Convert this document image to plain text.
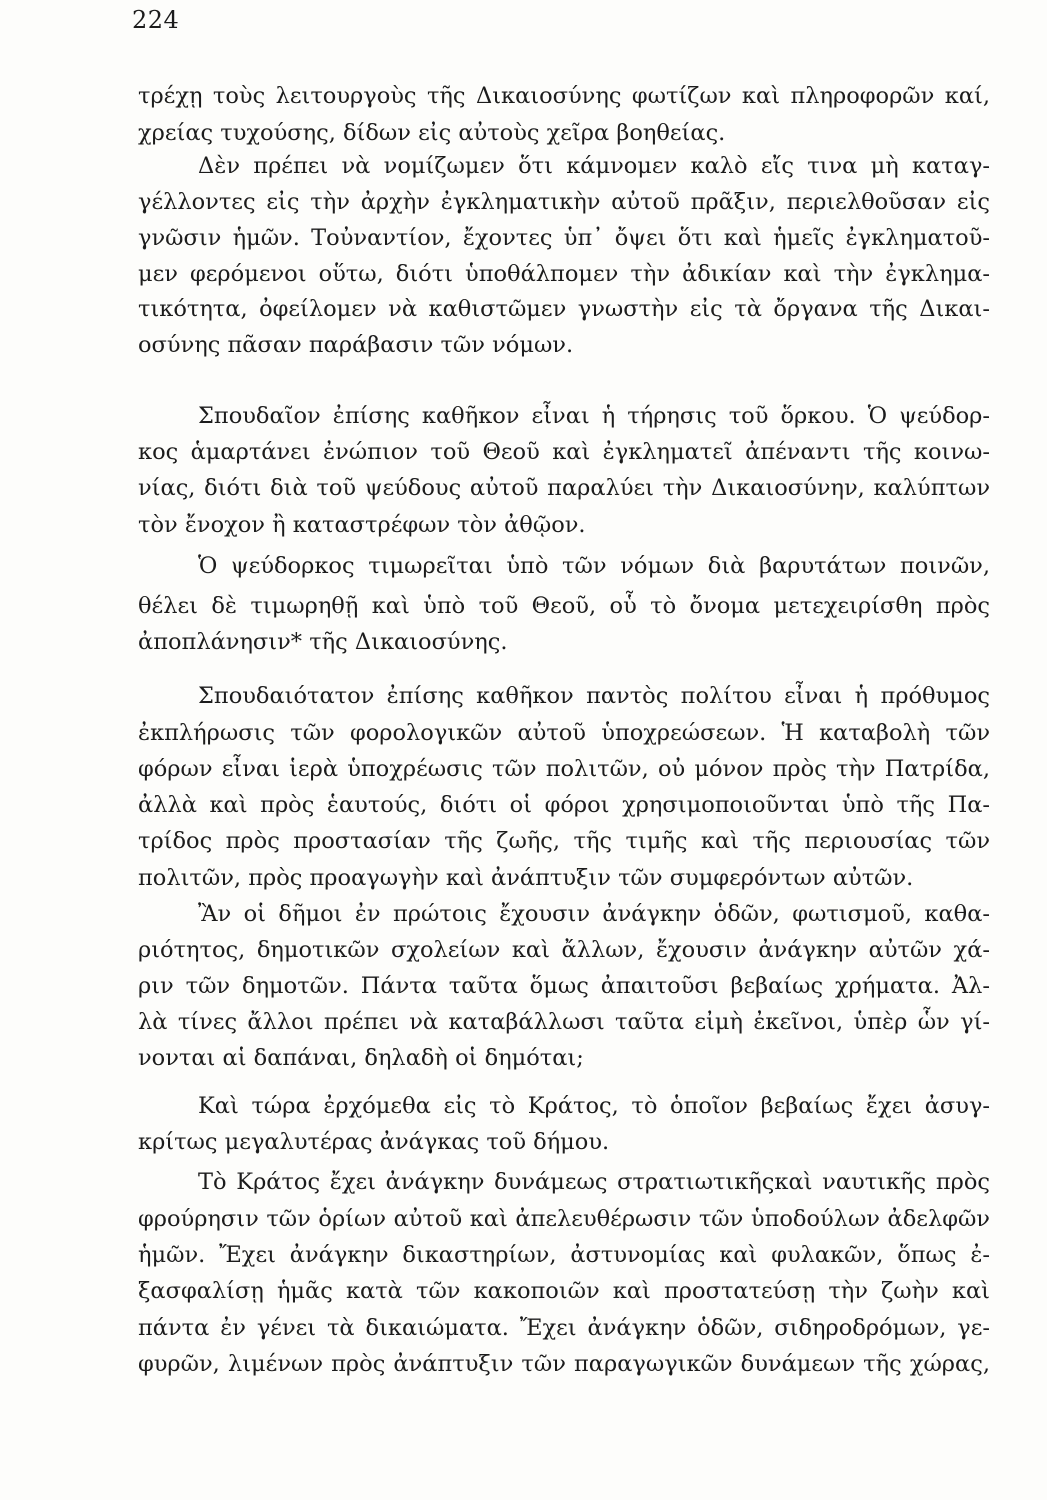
224
τρέχῃ τοὺς λειτουργοὺς τῆς Δικαιοσύνης φωτίζων καὶ πληροφορῶν καί,
χρείας τυχούσης, δίδων εἰς αὐτοὺς χεῖρα βοηθείας.
Δὲν πρέπει νὰ νομίζωμεν ὅτι κάμνομεν καλὸ εἴς τινα μὴ καταγ-
γέλλοντες εἰς τὴν ἀρχὴν ἐγκληματικὴν αὐτοῦ πρᾶξιν, περιελθοῦσαν εἰς
γνῶσιν ἡμῶν. Τοὐναντίον, ἔχοντες ὑπ᾽ ὄψει ὅτι καὶ ἡμεῖς ἐγκληματοῦ-
μεν φερόμενοι οὕτω, διότι ὑποθάλπομεν τὴν ἀδικίαν καὶ τὴν ἐγκλημα-
τικότητα, ὀφείλομεν νὰ καθιστῶμεν γνωστὴν εἰς τὰ ὄργανα τῆς Δικαι-
οσύνης πᾶσαν παράβασιν τῶν νόμων.
Σπουδαῖον ἐπίσης καθῆκον εἶναι ἡ τήρησις τοῦ ὅρκου. Ὁ ψεύδορ-
κος ἁμαρτάνει ἐνώπιον τοῦ Θεοῦ καὶ ἐγκληματεῖ ἀπέναντι τῆς κοινω-
νίας, διότι διὰ τοῦ ψεύδους αὐτοῦ παραλύει τὴν Δικαιοσύνην, καλύπτων
τὸν ἔνοχον ἢ καταστρέφων τὸν ἀθῷον.
Ὁ ψεύδορκος τιμωρεῖται ὑπὸ τῶν νόμων διὰ βαρυτάτων ποινῶν,
θέλει δὲ τιμωρηθῇ καὶ ὑπὸ τοῦ Θεοῦ, οὗ τὸ ὄνομα μετεχειρίσθη πρὸς
ἀποπλάνησιν* τῆς Δικαιοσύνης.
Σπουδαιότατον ἐπίσης καθῆκον παντὸς πολίτου εἶναι ἡ πρόθυμος
ἐκπλήρωσις τῶν φορολογικῶν αὐτοῦ ὑποχρεώσεων. Ἡ καταβολὴ τῶν
φόρων εἶναι ἱερὰ ὑποχρέωσις τῶν πολιτῶν, οὐ μόνον πρὸς τὴν Πατρίδα,
ἀλλὰ καὶ πρὸς ἑαυτούς, διότι οἱ φόροι χρησιμοποιοῦνται ὑπὸ τῆς Πα-
τρίδος πρὸς προστασίαν τῆς ζωῆς, τῆς τιμῆς καὶ τῆς περιουσίας τῶν
πολιτῶν, πρὸς προαγωγὴν καὶ ἀνάπτυξιν τῶν συμφερόντων αὐτῶν.
Ἂν οἱ δῆμοι ἐν πρώτοις ἔχουσιν ἀνάγκην ὁδῶν, φωτισμοῦ, καθα-
ριότητος, δημοτικῶν σχολείων καὶ ἄλλων, ἔχουσιν ἀνάγκην αὐτῶν χά-
ριν τῶν δημοτῶν. Πάντα ταῦτα ὅμως ἀπαιτοῦσι βεβαίως χρήματα. Ἀλ-
λὰ τίνες ἄλλοι πρέπει νὰ καταβάλλωσι ταῦτα εἰμὴ ἐκεῖνοι, ὑπὲρ ὧν γί-
νονται αἱ δαπάναι, δηλαδὴ οἱ δημόται;
Καὶ τώρα ἐρχόμεθα εἰς τὸ Κράτος, τὸ ὁποῖον βεβαίως ἔχει ἀσυγ-
κρίτως μεγαλυτέρας ἀνάγκας τοῦ δήμου.
Τὸ Κράτος ἔχει ἀνάγκην δυνάμεως στρατιωτικῆςκαὶ ναυτικῆς πρὸς
φρούρησιν τῶν ὁρίων αὐτοῦ καὶ ἀπελευθέρωσιν τῶν ὑποδούλων ἀδελφῶν
ἡμῶν. Ἔχει ἀνάγκην δικαστηρίων, ἀστυνομίας καὶ φυλακῶν, ὅπως ἐ-
ξασφαλίσῃ ἡμᾶς κατὰ τῶν κακοποιῶν καὶ προστατεύσῃ τὴν ζωὴν καὶ
πάντα ἐν γένει τὰ δικαιώματα. Ἔχει ἀνάγκην ὁδῶν, σιδηροδρόμων, γε-
φυρῶν, λιμένων πρὸς ἀνάπτυξιν τῶν παραγωγικῶν δυνάμεων τῆς χώρας,
